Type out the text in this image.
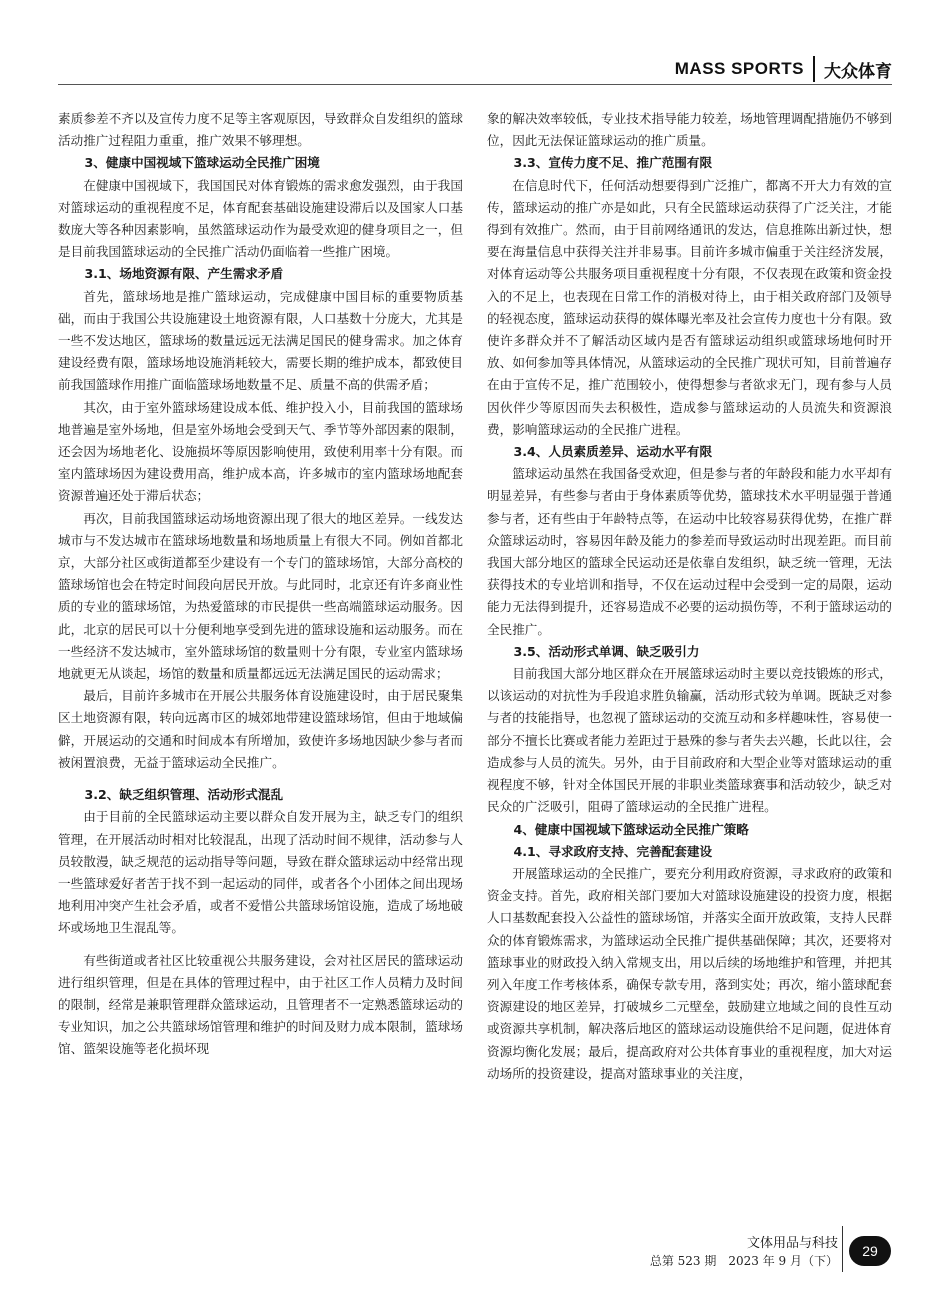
MASS SPORTS	大众体育

素质参差不齐以及宣传力度不足等主客观原因，导致群众自发组织的篮球活动推广过程阻力重重，推广效果不够理想。

3、健康中国视域下篮球运动全民推广困境

在健康中国视域下，我国国民对体育锻炼的需求愈发强烈，由于我国对篮球运动的重视程度不足，体育配套基础设施建设滞后以及国家人口基数庞大等各种因素影响，虽然篮球运动作为最受欢迎的健身项目之一，但是目前我国篮球运动的全民推广活动仍面临着一些推广困境。

3.1、场地资源有限、产生需求矛盾

首先，篮球场地是推广篮球运动，完成健康中国目标的重要物质基础，而由于我国公共设施建设土地资源有限，人口基数十分庞大，尤其是一些不发达地区，篮球场的数量远远无法满足国民的健身需求。加之体育建设经费有限，篮球场地设施消耗较大，需要长期的维护成本，都致使目前我国篮球作用推广面临篮球场地数量不足、质量不高的供需矛盾；

其次，由于室外篮球场建设成本低、维护投入小，目前我国的篮球场地普遍是室外场地，但是室外场地会受到天气、季节等外部因素的限制，还会因为场地老化、设施损坏等原因影响使用，致使利用率十分有限。而室内篮球场因为建设费用高，维护成本高，许多城市的室内篮球场地配套资源普遍还处于滞后状态；

再次，目前我国篮球运动场地资源出现了很大的地区差异。一线发达城市与不发达城市在篮球场地数量和场地质量上有很大不同。例如首都北京，大部分社区或街道都至少建设有一个专门的篮球场馆，大部分高校的篮球场馆也会在特定时间段向居民开放。与此同时，北京还有许多商业性质的专业的篮球场馆，为热爱篮球的市民提供一些高端篮球运动服务。因此，北京的居民可以十分便利地享受到先进的篮球设施和运动服务。而在一些经济不发达城市，室外篮球场馆的数量则十分有限，专业室内篮球场地就更无从谈起，场馆的数量和质量都远远无法满足国民的运动需求；

最后，目前许多城市在开展公共服务体育设施建设时，由于居民聚集区土地资源有限，转向远离市区的城郊地带建设篮球场馆，但由于地域偏僻，开展运动的交通和时间成本有所增加，致使许多场地因缺少参与者而被闲置浪费，无益于篮球运动全民推广。

3.2、缺乏组织管理、活动形式混乱

由于目前的全民篮球运动主要以群众自发开展为主，缺乏专门的组织管理，在开展活动时相对比较混乱，出现了活动时间不规律，活动参与人员较散漫，缺乏规范的运动指导等问题，导致在群众篮球运动中经常出现一些篮球爱好者苦于找不到一起运动的同伴，或者各个小团体之间出现场地利用冲突产生社会矛盾，或者不爱惜公共篮球场馆设施，造成了场地破坏或场地卫生混乱等。

有些街道或者社区比较重视公共服务建设，会对社区居民的篮球运动进行组织管理，但是在具体的管理过程中，由于社区工作人员精力及时间的限制，经常是兼职管理群众篮球运动，且管理者不一定熟悉篮球运动的专业知识，加之公共篮球场馆管理和维护的时间及财力成本限制，篮球场馆、篮架设施等老化损坏现

象的解决效率较低，专业技术指导能力较差，场地管理调配措施仍不够到位，因此无法保证篮球运动的推广质量。

3.3、宣传力度不足、推广范围有限

在信息时代下，任何活动想要得到广泛推广，都离不开大力有效的宣传，篮球运动的推广亦是如此，只有全民篮球运动获得了广泛关注，才能得到有效推广。然而，由于目前网络通讯的发达，信息推陈出新过快，想要在海量信息中获得关注并非易事。目前许多城市偏重于关注经济发展，对体育运动等公共服务项目重视程度十分有限，不仅表现在政策和资金投入的不足上，也表现在日常工作的消极对待上，由于相关政府部门及领导的轻视态度，篮球运动获得的媒体曝光率及社会宣传力度也十分有限。致使许多群众并不了解活动区域内是否有篮球运动组织或篮球场地何时开放、如何参加等具体情况，从篮球运动的全民推广现状可知，目前普遍存在由于宣传不足，推广范围较小，使得想参与者欲求无门，现有参与人员因伙伴少等原因而失去积极性，造成参与篮球运动的人员流失和资源浪费，影响篮球运动的全民推广进程。

3.4、人员素质差异、运动水平有限

篮球运动虽然在我国备受欢迎，但是参与者的年龄段和能力水平却有明显差异，有些参与者由于身体素质等优势，篮球技术水平明显强于普通参与者，还有些由于年龄特点等，在运动中比较容易获得优势，在推广群众篮球运动时，容易因年龄及能力的参差而导致运动时出现差距。而目前我国大部分地区的篮球全民运动还是依靠自发组织，缺乏统一管理，无法获得技术的专业培训和指导，不仅在运动过程中会受到一定的局限，运动能力无法得到提升，还容易造成不必要的运动损伤等，不利于篮球运动的全民推广。

3.5、活动形式单调、缺乏吸引力

目前我国大部分地区群众在开展篮球运动时主要以竞技锻炼的形式，以该运动的对抗性为手段追求胜负输赢，活动形式较为单调。既缺乏对参与者的技能指导，也忽视了篮球运动的交流互动和多样趣味性，容易使一部分不擅长比赛或者能力差距过于悬殊的参与者失去兴趣，长此以往，会造成参与人员的流失。另外，由于目前政府和大型企业等对篮球运动的重视程度不够，针对全体国民开展的非职业类篮球赛事和活动较少，缺乏对民众的广泛吸引，阻碍了篮球运动的全民推广进程。

4、健康中国视域下篮球运动全民推广策略
4.1、寻求政府支持、完善配套建设

开展篮球运动的全民推广，要充分利用政府资源，寻求政府的政策和资金支持。首先，政府相关部门要加大对篮球设施建设的投资力度，根据人口基数配套投入公益性的篮球场馆，并落实全面开放政策，支持人民群众的体育锻炼需求，为篮球运动全民推广提供基础保障；其次，还要将对篮球事业的财政投入纳入常规支出，用以后续的场地维护和管理，并把其列入年度工作考核体系，确保专款专用，落到实处；再次，缩小篮球配套资源建设的地区差异，打破城乡二元壁垒，鼓励建立地域之间的良性互动或资源共享机制，解决落后地区的篮球运动设施供给不足问题，促进体育资源均衡化发展；最后，提高政府对公共体育事业的重视程度，加大对运动场所的投资建设，提高对篮球事业的关注度，

文体用品与科技
总第 523 期　2023 年 9 月（下）
29
